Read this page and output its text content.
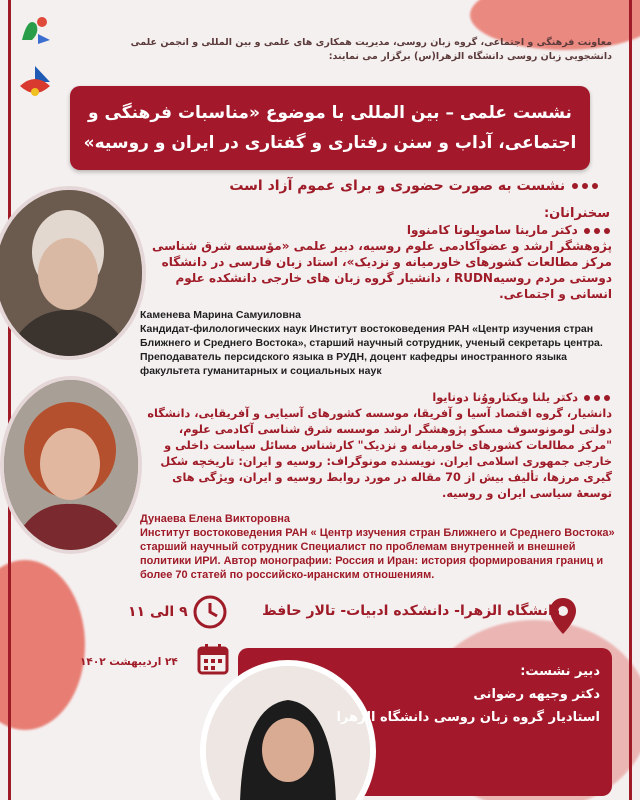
معاونت فرهنگی و اجتماعی، گروه زبان روسی، مدیریت همکاری های علمی و بین المللی و انجمن علمی
دانشجویی زبان روسی دانشگاه الزهرا(س) برگزار می نمایند:
نشست علمی – بین المللی با موضوع «مناسبات فرهنگی و
اجتماعی، آداب و سنن رفتاری و گفتاری در ایران و روسیه»
نشست به صورت حضوری و برای عموم آزاد است
سخنرانان:
دکتر مارینا سامویلونا کامنووا
پژوهشگر ارشد و عضوآکادمی علوم روسیه، دبیر علمی «مؤسسه شرق شناسی مرکز مطالعات کشورهای خاورمیانه و نزدیک»، استاد زبان فارسی در دانشگاه دوستی مردم روسیهRUDN ، دانشیار گروه زبان های خارجی دانشکده علوم انسانی و اجتماعی.
Каменева Марина Самуиловна
Кандидат-филологических наук Институт востоковедения РАН «Центр изучения стран Ближнего и Среднего Востока», старший научный сотрудник, ученый секретарь центра. Преподаватель персидского языка в РУДН, доцент кафедры иностранного языка факультета гуманитарных и социальных наук
دکتر یلنا ویکتارووُنا دونایوا
دانشیار، گروه اقتصاد آسیا و آفریقا، موسسه کشورهای آسیایی و آفریقایی، دانشگاه دولتی لومونوسوف مسکو پژوهشگر ارشد موسسه شرق شناسی آکادمی علوم، "مرکز مطالعات کشورهای خاورمیانه و نزدیک" کارشناس مسائل سیاست داخلی و خارجی جمهوری اسلامی ایران. نویسنده مونوگراف: روسیه و ایران: تاریخچه شکل گیری مرزها، تألیف بیش از 70 مقاله در مورد روابط روسیه و ایران، ویژگی های توسعۀ سیاسی ایران و روسیه.
Дунаева Елена Викторовна
Институт востоковедения РАН « Центр изучения стран Ближнего и Среднего Востока» старший научный сотрудник Специалист по проблемам внутренней и внешней политики ИРИ. Автор монографии: Россия и Иран: история формирования границ и более 70 статей по российско-иранским отношениям.
دانشگاه الزهرا- دانشکده ادبیات- تالار حافظ
۹ الی ۱۱
۲۴ اردیبهشت ۱۴۰۲
دبیر نشست:
دکتر وجیهه رضوانی
استادیار گروه زبان روسی دانشگاه الزهرا
